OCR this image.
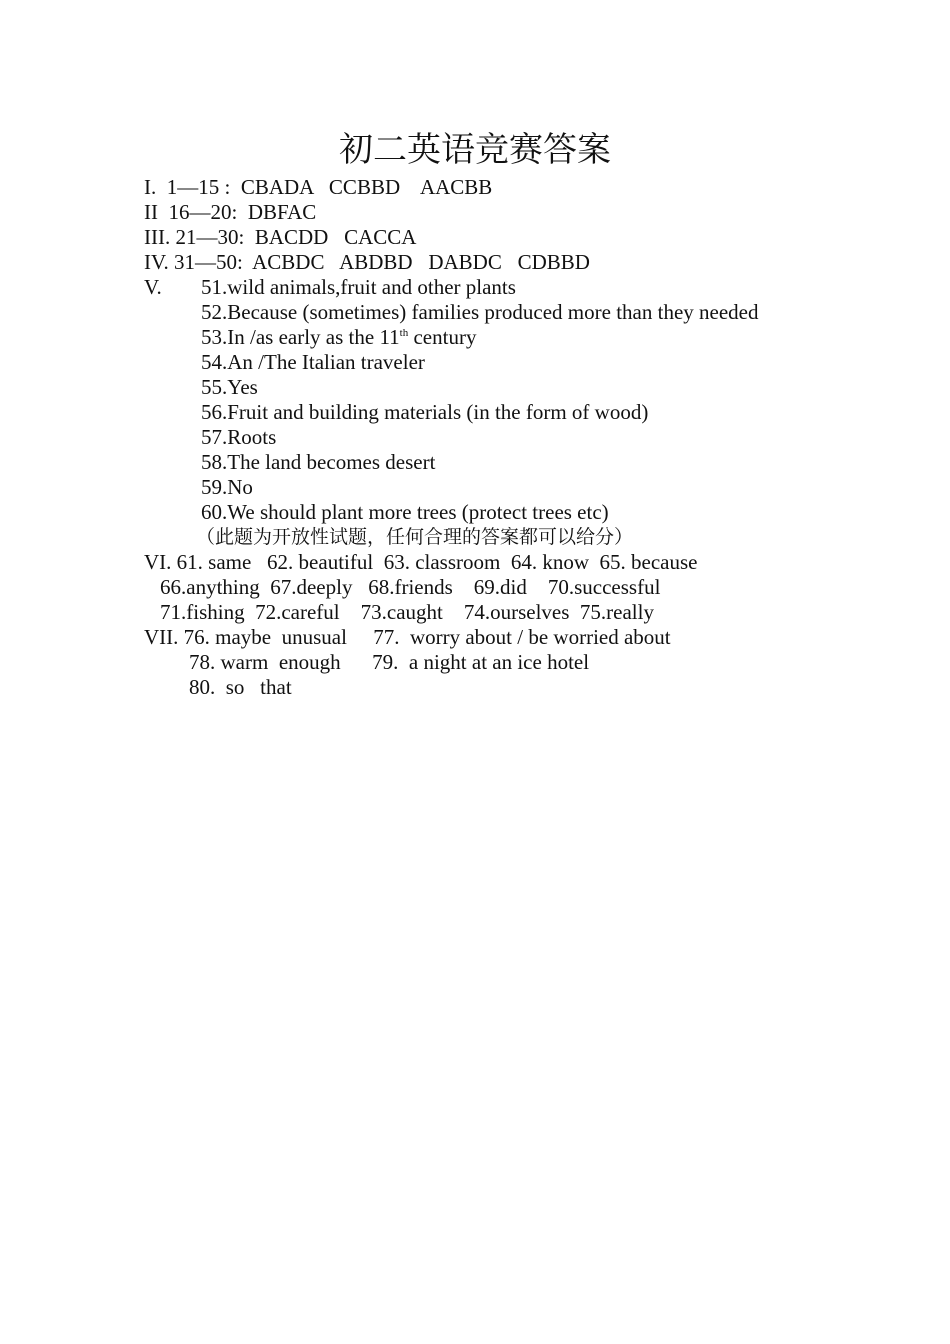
初二英语竞赛答案
I.  1—15 :  CBADA   CCBBD    AACBB
II  16—20:  DBFAC
III. 21—30:  BACDD   CACCA
IV. 31—50:  ACBDC   ABDBD   DABDC   CDBBD
V. 51.wild animals,fruit and other plants
52.Because (sometimes) families produced more than they needed
53.In /as early as the 11th century
54.An /The Italian traveler
55.Yes
56.Fruit and building materials (in the form of wood)
57.Roots
58.The land becomes desert
59.No
60.We should plant more trees (protect trees etc)
（此题为开放性试题，任何合理的答案都可以给分）
VI. 61. same   62. beautiful  63. classroom  64. know  65. because
66.anything  67.deeply   68.friends    69.did    70.successful
71.fishing  72.careful    73.caught    74.ourselves  75.really
VII. 76. maybe  unusual     77.  worry about / be worried about
78. warm  enough      79.  a night at an ice hotel
80.  so   that
